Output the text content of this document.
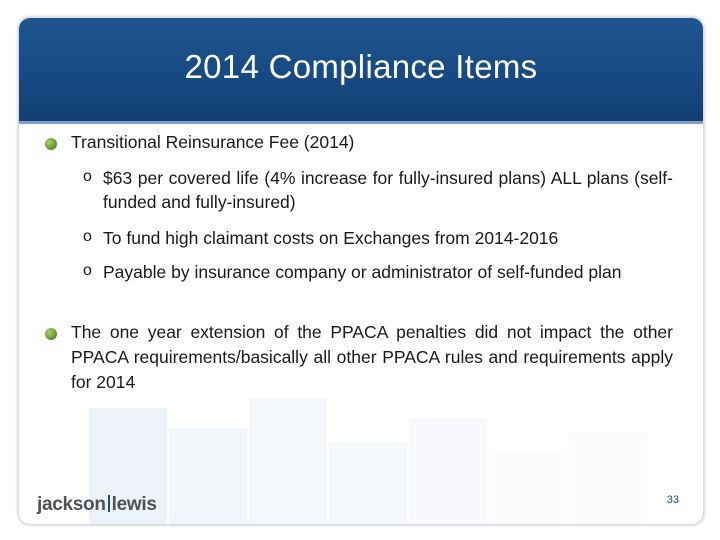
2014 Compliance Items
Transitional Reinsurance Fee (2014)
o $63 per covered life (4% increase for fully-insured plans) ALL plans (self-funded and fully-insured)
o To fund high claimant costs on Exchanges from 2014-2016
o Payable by insurance company or administrator of self-funded plan
The one year extension of the PPACA penalties did not impact the other PPACA requirements/basically all other PPACA rules and requirements apply for 2014
jackson lewis	33
